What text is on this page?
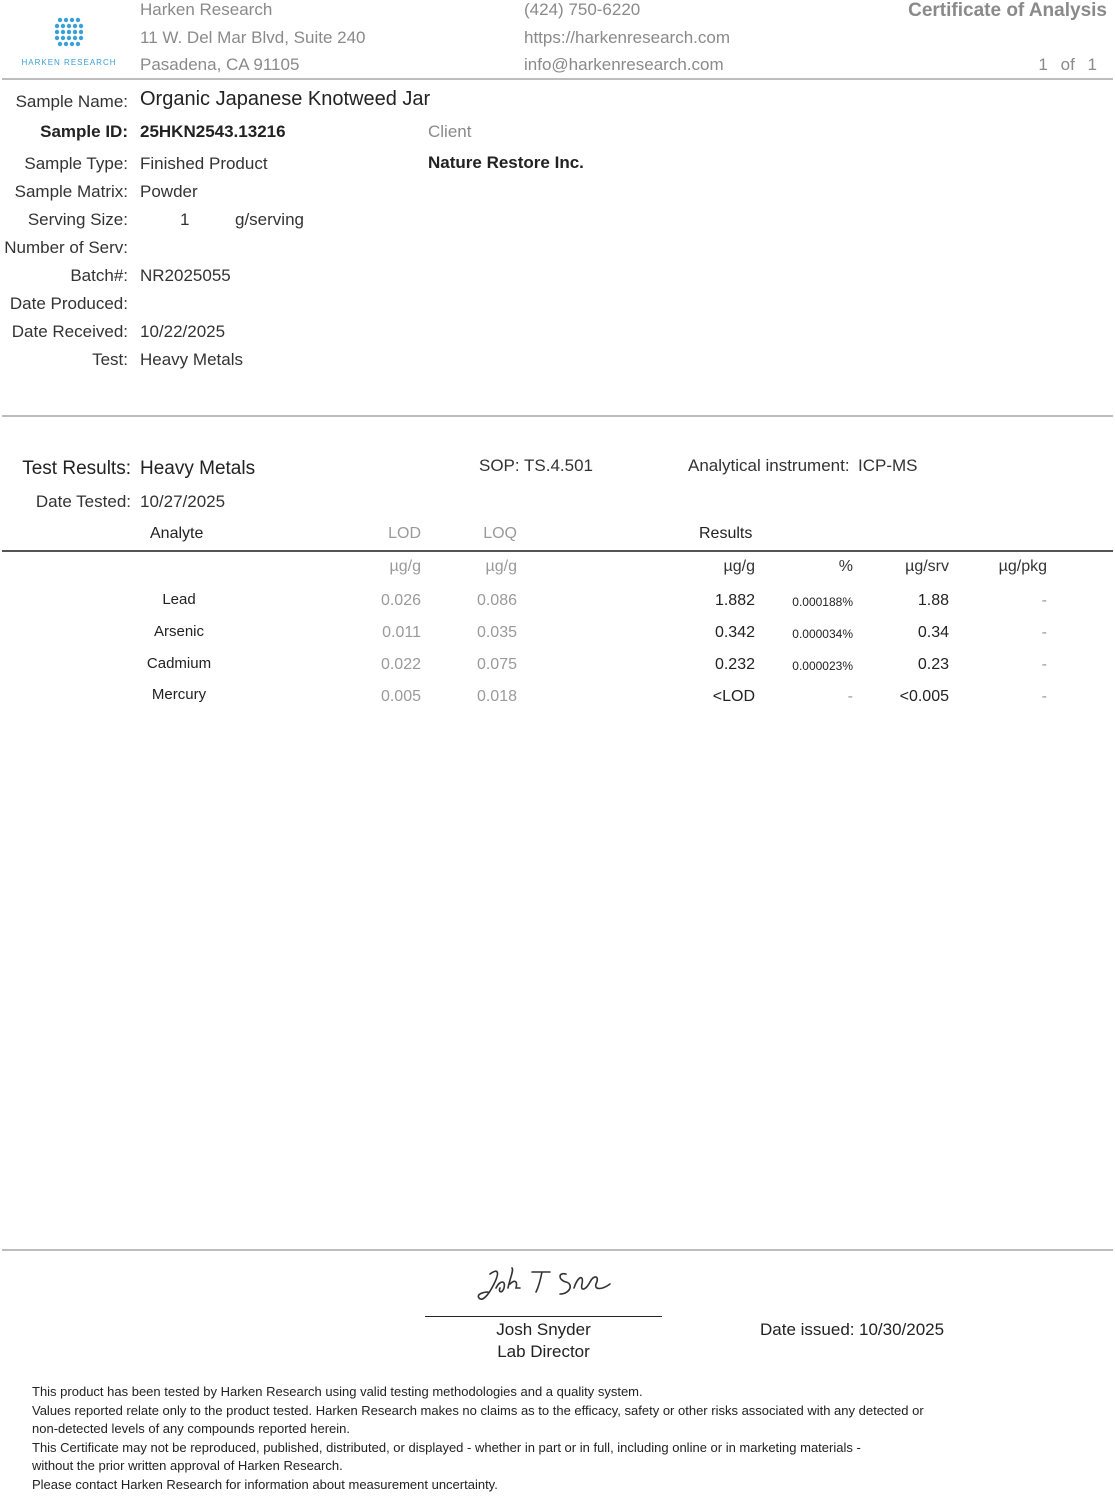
HARKEN RESEARCH
Harken Research
11 W. Del Mar Blvd, Suite 240
Pasadena, CA 91105
(424) 750-6220
https://harkenresearch.com
info@harkenresearch.com
Certificate of Analysis
1 of 1
Sample Name: Organic Japanese Knotweed Jar
Sample ID: 25HKN2543.13216	Client
Nature Restore Inc.
Sample Type: Finished Product
Sample Matrix: Powder
Serving Size:	1	g/serving
Number of Serv:
Batch#: NR2025055
Date Produced:
Date Received: 10/22/2025
Test: Heavy Metals
Test Results: Heavy Metals	SOP: TS.4.501	Analytical instrument: ICP-MS
Date Tested: 10/27/2025
Analyte	LOD	LOQ	Results
µg/g	µg/g	µg/g	%	µg/srv	µg/pkg
Lead	0.026	0.086	1.882	0.000188%	1.88	-
Arsenic	0.011	0.035	0.342	0.000034%	0.34	-
Cadmium	0.022	0.075	0.232	0.000023%	0.23	-
Mercury	0.005	0.018	<LOD	-	<0.005	-
Josh Snyder
Lab Director
Date issued: 10/30/2025

This product has been tested by Harken Research using valid testing methodologies and a quality system.

Values reported relate only to the product tested. Harken Research makes no claims as to the efficacy, safety or other risks associated with any detected or

non-detected levels of any compounds reported herein.

This Certificate may not be reproduced, published, distributed, or displayed - whether in part or in full, including online or in marketing materials -

without the prior written approval of Harken Research.

Please contact Harken Research for information about measurement uncertainty.
